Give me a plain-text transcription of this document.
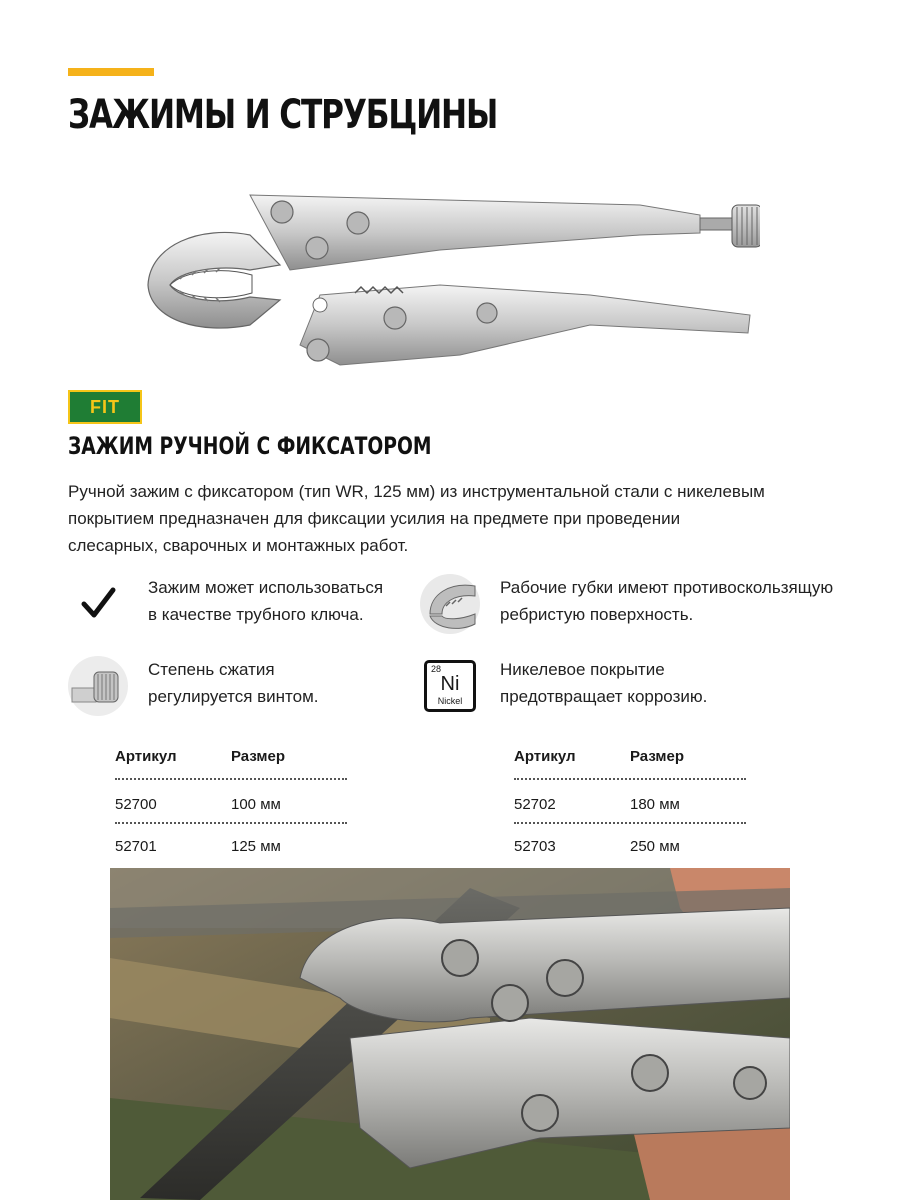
ЗАЖИМЫ И СТРУБЦИНЫ
FIT
ЗАЖИМ РУЧНОЙ С ФИКСАТОРОМ
Ручной зажим с фиксатором (тип WR, 125 мм) из инструментальной стали с никелевым покрытием предназначен для фиксации усилия на предмете при проведении слесарных, сварочных и монтажных работ.
Зажим может использоваться
в качестве трубного ключа.
Рабочие губки имеют противоскользящую
ребристую поверхность.
Степень сжатия
регулируется винтом.
28
Ni
Nickel
Никелевое покрытие
предотвращает коррозию.
Артикул	Размер
52700	100 мм
52701	125 мм
Артикул	Размер
52702	180 мм
52703	250 мм
